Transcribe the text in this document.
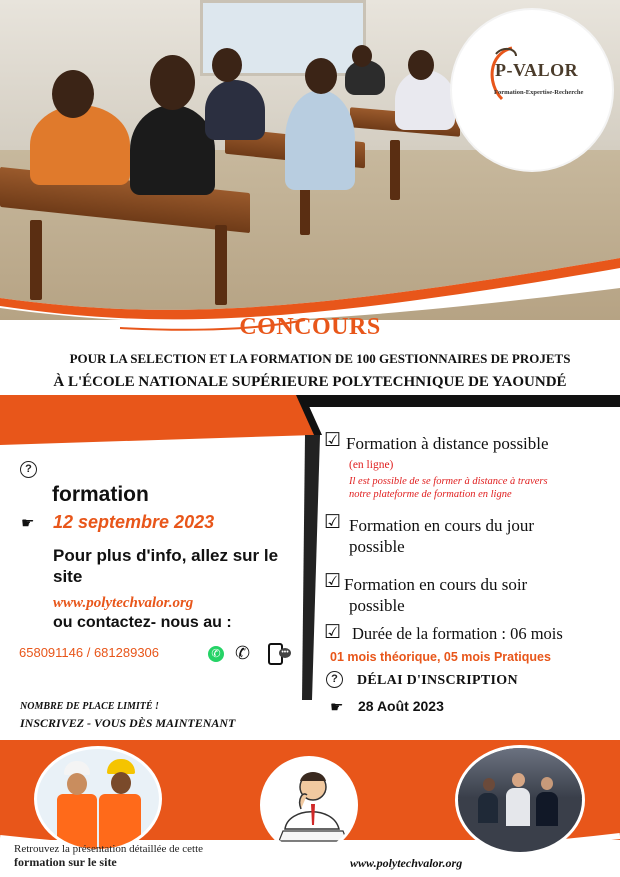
P-VALOR
Formation-Expertise-Recherche
CONCOURS
POUR LA SELECTION ET LA FORMATION DE 100 GESTIONNAIRES DE PROJETS
À L'ÉCOLE NATIONALE SUPÉRIEURE POLYTECHNIQUE DE YAOUNDÉ
?
formation
☛ 12 septembre 2023
Pour plus d'info, allez sur le site
www.polytechvalor.org
ou contactez- nous au :
658091146 / 681289306	✆ ✆	•••
NOMBRE DE PLACE LIMITÉ !
INSCRIVEZ - VOUS DÈS MAINTENANT
☑ Formation à distance possible
(en ligne)
Il est possible de se former à distance à travers
notre plateforme de formation en ligne
☑ Formation en cours du jour
possible
☑ Formation en cours du soir
possible
☑ Durée de la formation : 06 mois
01 mois théorique, 05 mois Pratiques
?	DÉLAI D'INSCRIPTION
☛ 28 Août 2023
Retrouvez la présentation détaillée de cette
formation sur le site	www.polytechvalor.org
